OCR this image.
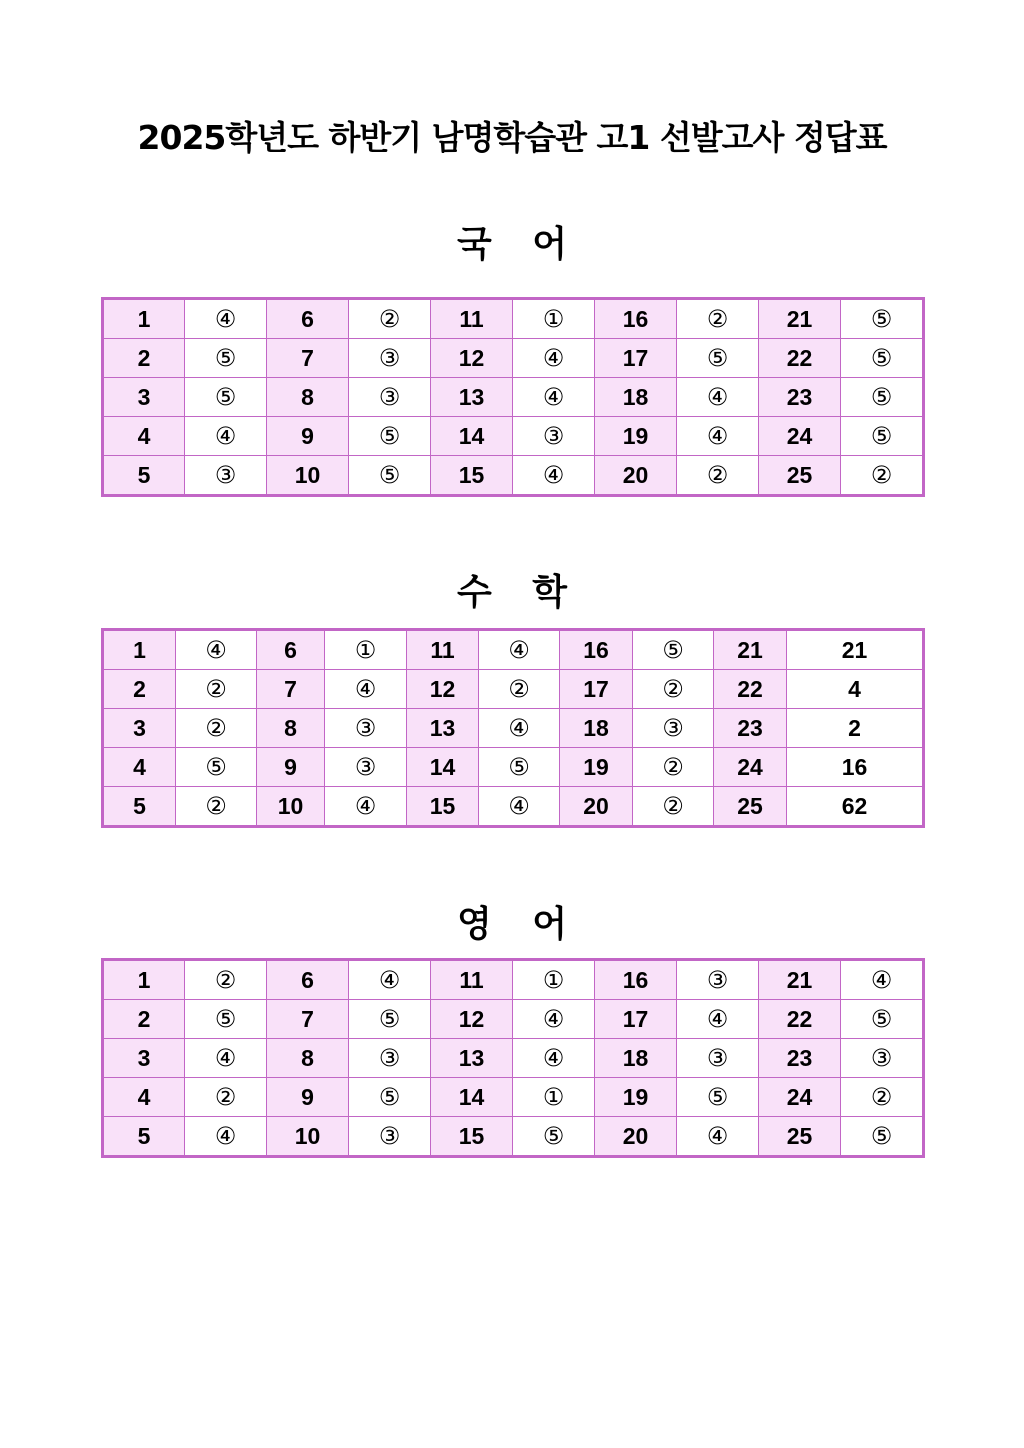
2025학년도 하반기 남명학습관 고1 선발고사 정답표
국 어
1	④	6	②	11	①	16	②	21	⑤
2	⑤	7	③	12	④	17	⑤	22	⑤
3	⑤	8	③	13	④	18	④	23	⑤
4	④	9	⑤	14	③	19	④	24	⑤
5	③	10	⑤	15	④	20	②	25	②
수 학
1	④	6	①	11	④	16	⑤	21	21
2	②	7	④	12	②	17	②	22	4
3	②	8	③	13	④	18	③	23	2
4	⑤	9	③	14	⑤	19	②	24	16
5	②	10	④	15	④	20	②	25	62
영 어
1	②	6	④	11	①	16	③	21	④
2	⑤	7	⑤	12	④	17	④	22	⑤
3	④	8	③	13	④	18	③	23	③
4	②	9	⑤	14	①	19	⑤	24	②
5	④	10	③	15	⑤	20	④	25	⑤
